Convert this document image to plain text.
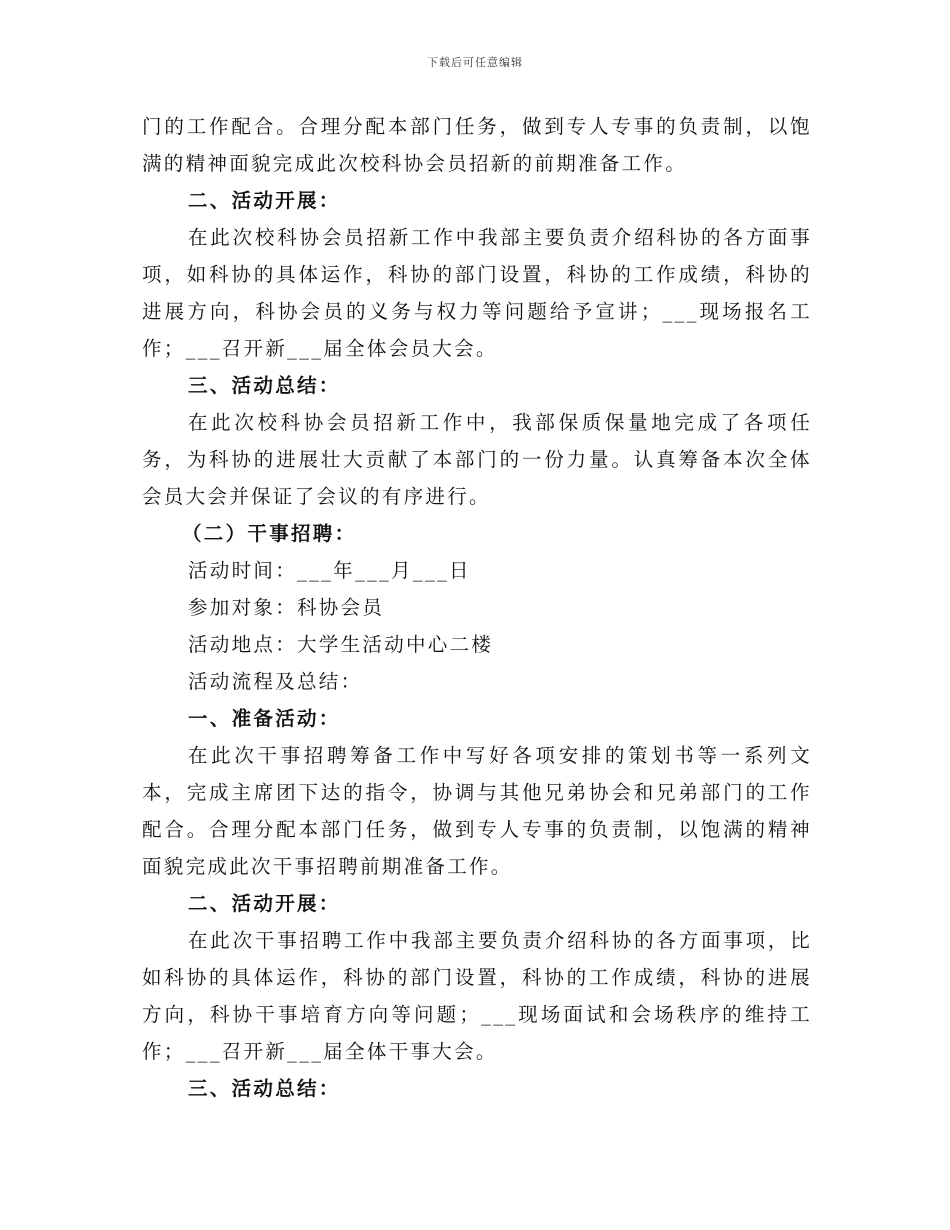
下载后可任意编辑

门的工作配合。合理分配本部门任务，做到专人专事的负责制，以饱满的精神面貌完成此次校科协会员招新的前期准备工作。

二、活动开展：

在此次校科协会员招新工作中我部主要负责介绍科协的各方面事项，如科协的具体运作，科协的部门设置，科协的工作成绩，科协的进展方向，科协会员的义务与权力等问题给予宣讲；___现场报名工作；___召开新___届全体会员大会。

三、活动总结：

在此次校科协会员招新工作中，我部保质保量地完成了各项任务，为科协的进展壮大贡献了本部门的一份力量。认真筹备本次全体会员大会并保证了会议的有序进行。

（二）干事招聘：

活动时间：___年___月___日

参加对象：科协会员

活动地点：大学生活动中心二楼

活动流程及总结：

一、准备活动：

在此次干事招聘筹备工作中写好各项安排的策划书等一系列文本，完成主席团下达的指令，协调与其他兄弟协会和兄弟部门的工作配合。合理分配本部门任务，做到专人专事的负责制，以饱满的精神面貌完成此次干事招聘前期准备工作。

二、活动开展：

在此次干事招聘工作中我部主要负责介绍科协的各方面事项，比如科协的具体运作，科协的部门设置，科协的工作成绩，科协的进展方向，科协干事培育方向等问题；___现场面试和会场秩序的维持工作；___召开新___届全体干事大会。

三、活动总结：
